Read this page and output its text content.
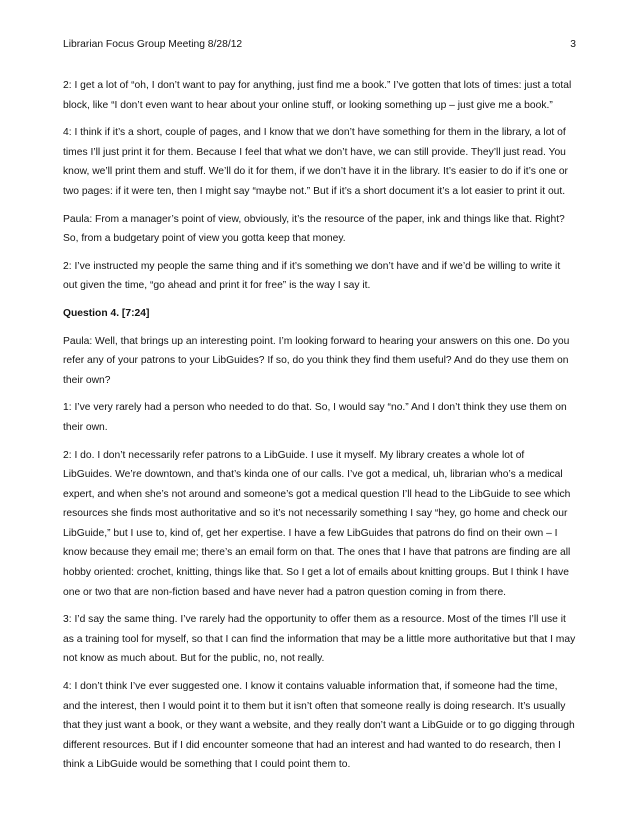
Librarian Focus Group Meeting 8/28/12	3

2: I get a lot of “oh, I don’t want to pay for anything, just find me a book.” I’ve gotten that lots of times: just a total block, like “I don’t even want to hear about your online stuff, or looking something up – just give me a book.”

4: I think if it’s a short, couple of pages, and I know that we don’t have something for them in the library, a lot of times I’ll just print it for them. Because I feel that what we don’t have, we can still provide. They’ll just read. You know, we’ll print them and stuff. We’ll do it for them, if we don’t have it in the library. It’s easier to do if it’s one or two pages: if it were ten, then I might say “maybe not.” But if it’s a short document it’s a lot easier to print it out.

Paula: From a manager’s point of view, obviously, it’s the resource of the paper, ink and things like that. Right? So, from a budgetary point of view you gotta keep that money.

2: I’ve instructed my people the same thing and if it’s something we don’t have and if we’d be willing to write it out given the time, “go ahead and print it for free” is the way I say it.

Question 4. [7:24]

Paula: Well, that brings up an interesting point. I’m looking forward to hearing your answers on this one. Do you refer any of your patrons to your LibGuides? If so, do you think they find them useful? And do they use them on their own?

1: I’ve very rarely had a person who needed to do that. So, I would say “no.” And I don’t think they use them on their own.

2: I do. I don’t necessarily refer patrons to a LibGuide. I use it myself. My library creates a whole lot of LibGuides. We’re downtown, and that’s kinda one of our calls. I’ve got a medical, uh, librarian who’s a medical expert, and when she’s not around and someone’s got a medical question I’ll head to the LibGuide to see which resources she finds most authoritative and so it’s not necessarily something I say “hey, go home and check our LibGuide,” but I use to, kind of, get her expertise. I have a few LibGuides that patrons do find on their own – I know because they email me; there’s an email form on that. The ones that I have that patrons are finding are all hobby oriented: crochet, knitting, things like that. So I get a lot of emails about knitting groups. But I think I have one or two that are non-fiction based and have never had a patron question coming in from there.

3: I’d say the same thing. I’ve rarely had the opportunity to offer them as a resource. Most of the times I’ll use it as a training tool for myself, so that I can find the information that may be a little more authoritative but that I may not know as much about. But for the public, no, not really.

4: I don’t think I’ve ever suggested one. I know it contains valuable information that, if someone had the time, and the interest, then I would point it to them but it isn’t often that someone really is doing research. It’s usually that they just want a book, or they want a website, and they really don’t want a LibGuide or to go digging through different resources. But if I did encounter someone that had an interest and had wanted to do research, then I think a LibGuide would be something that I could point them to.
